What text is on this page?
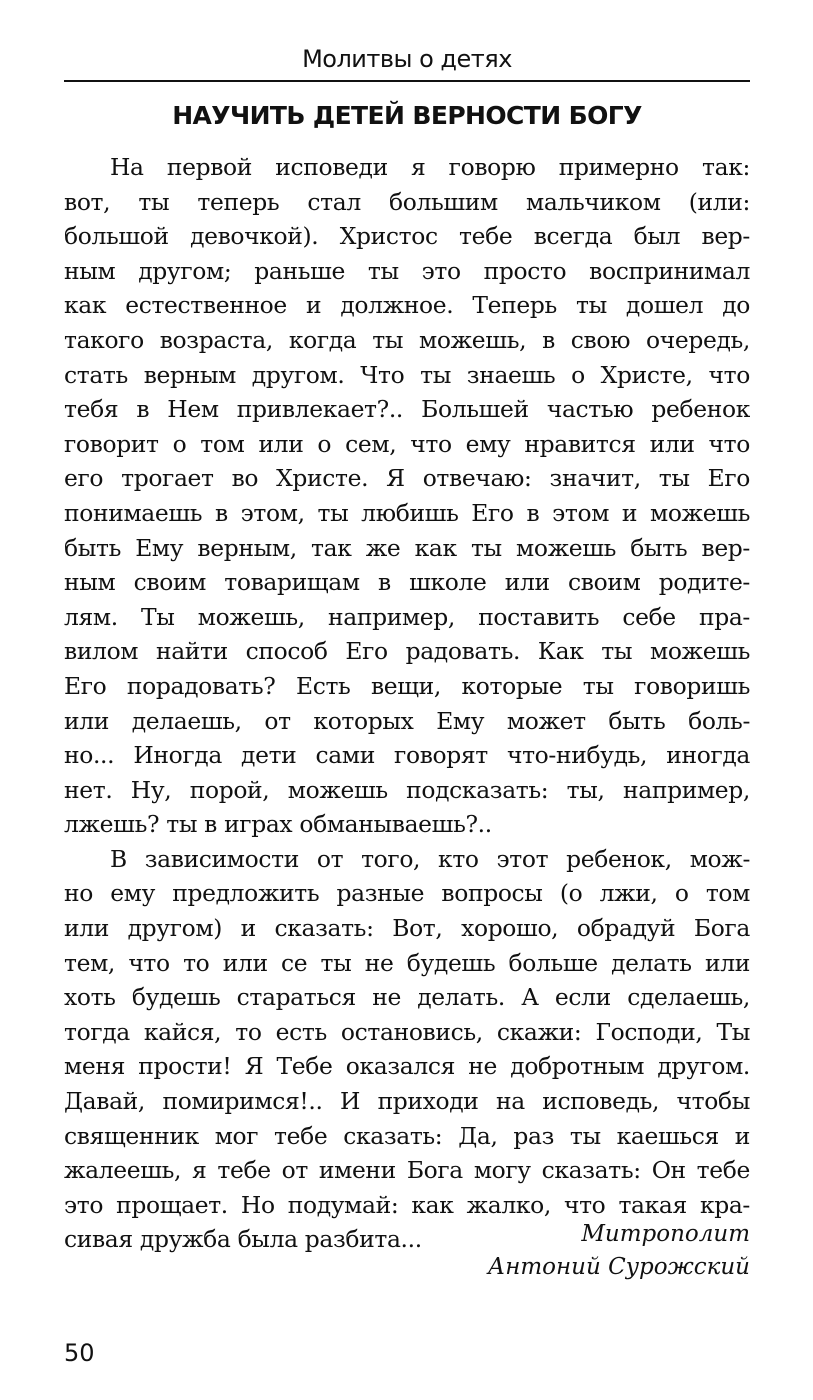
Молитвы о детях
НАУЧИТЬ ДЕТЕЙ ВЕРНОСТИ БОГУ
На первой исповеди я говорю примерно так:
вот, ты теперь стал большим мальчиком (или:
большой девочкой). Христос тебе всегда был вер-
ным другом; раньше ты это просто воспринимал
как естественное и должное. Теперь ты дошел до
такого возраста, когда ты можешь, в свою очередь,
стать верным другом. Что ты знаешь о Христе, что
тебя в Нем привлекает?.. Большей частью ребенок
говорит о том или о сем, что ему нравится или что
его трогает во Христе. Я отвечаю: значит, ты Его
понимаешь в этом, ты любишь Его в этом и можешь
быть Ему верным, так же как ты можешь быть вер-
ным своим товарищам в школе или своим родите-
лям. Ты можешь, например, поставить себе пра-
вилом найти способ Его радовать. Как ты можешь
Его порадовать? Есть вещи, которые ты говоришь
или делаешь, от которых Ему может быть боль-
но... Иногда дети сами говорят что-нибудь, иногда
нет. Ну, порой, можешь подсказать: ты, например,
лжешь? ты в играх обманываешь?..
В зависимости от того, кто этот ребенок, мож-
но ему предложить разные вопросы (о лжи, о том
или другом) и сказать: Вот, хорошо, обрадуй Бога
тем, что то или се ты не будешь больше делать или
хоть будешь стараться не делать. А если сделаешь,
тогда кайся, то есть остановись, скажи: Господи, Ты
меня прости! Я Тебе оказался не добротным другом.
Давай, помиримся!.. И приходи на исповедь, чтобы
священник мог тебе сказать: Да, раз ты каешься и
жалеешь, я тебе от имени Бога могу сказать: Он тебе
это прощает. Но подумай: как жалко, что такая кра-
сивая дружба была разбита...	Митрополит
Антоний Сурожский
50
